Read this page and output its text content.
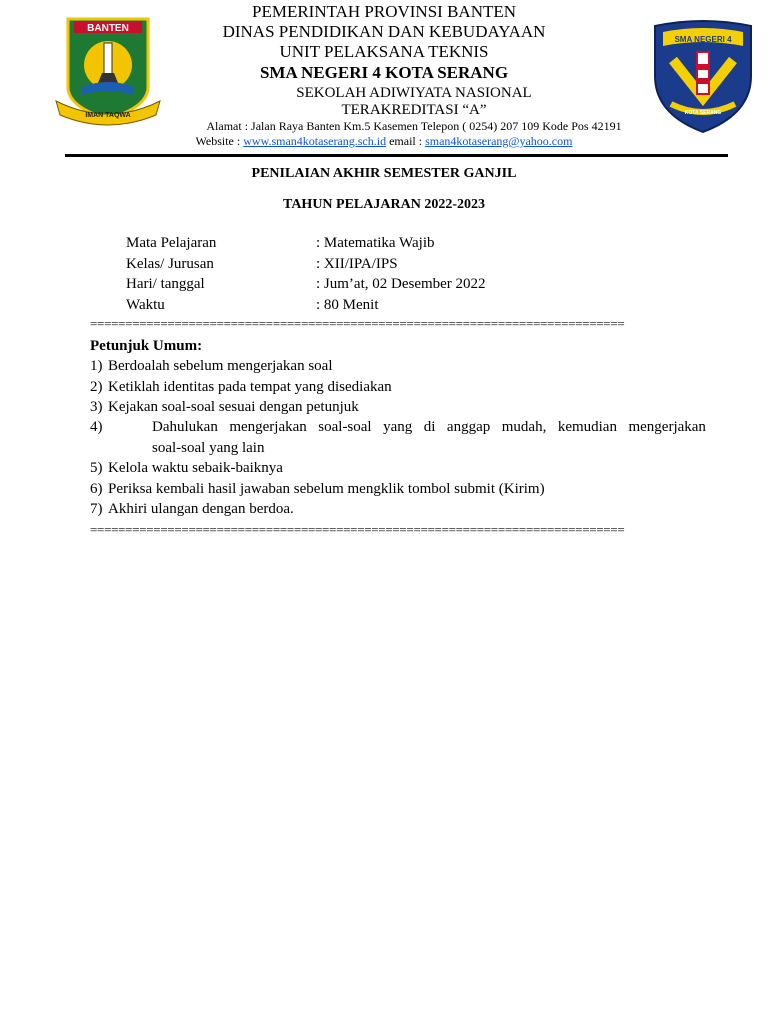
BANTEN
IMAN TAQWA
SMA NEGERI 4
KOTA SERANG
PEMERINTAH PROVINSI BANTEN
DINAS PENDIDIKAN DAN KEBUDAYAAN
UNIT PELAKSANA TEKNIS
SMA NEGERI 4 KOTA SERANG
SEKOLAH ADIWIYATA NASIONAL
TERAKREDITASI “A”
Alamat : Jalan Raya Banten Km.5 Kasemen Telepon ( 0254) 207 109 Kode Pos 42191
Website : www.sman4kotaserang.sch.id email : sman4kotaserang@yahoo.com
PENILAIAN AKHIR SEMESTER GANJIL
TAHUN PELAJARAN 2022-2023
Mata Pelajaran	: Matematika Wajib
Kelas/ Jurusan	: XII/IPA/IPS
Hari/ tanggal	: Jum’at, 02 Desember 2022
Waktu	: 80 Menit
============================================================================
Petunjuk Umum:
1) Berdoalah sebelum mengerjakan soal
2) Ketiklah identitas pada tempat yang disediakan
3) Kejakan soal-soal sesuai dengan petunjuk
4)	Dahulukan  mengerjakan  soal-soal  yang  di  anggap  mudah,  kemudian  mengerjakan
soal-soal yang lain
5) Kelola waktu sebaik-baiknya
6) Periksa kembali hasil jawaban sebelum mengklik tombol submit (Kirim)
7) Akhiri ulangan dengan berdoa.
============================================================================
